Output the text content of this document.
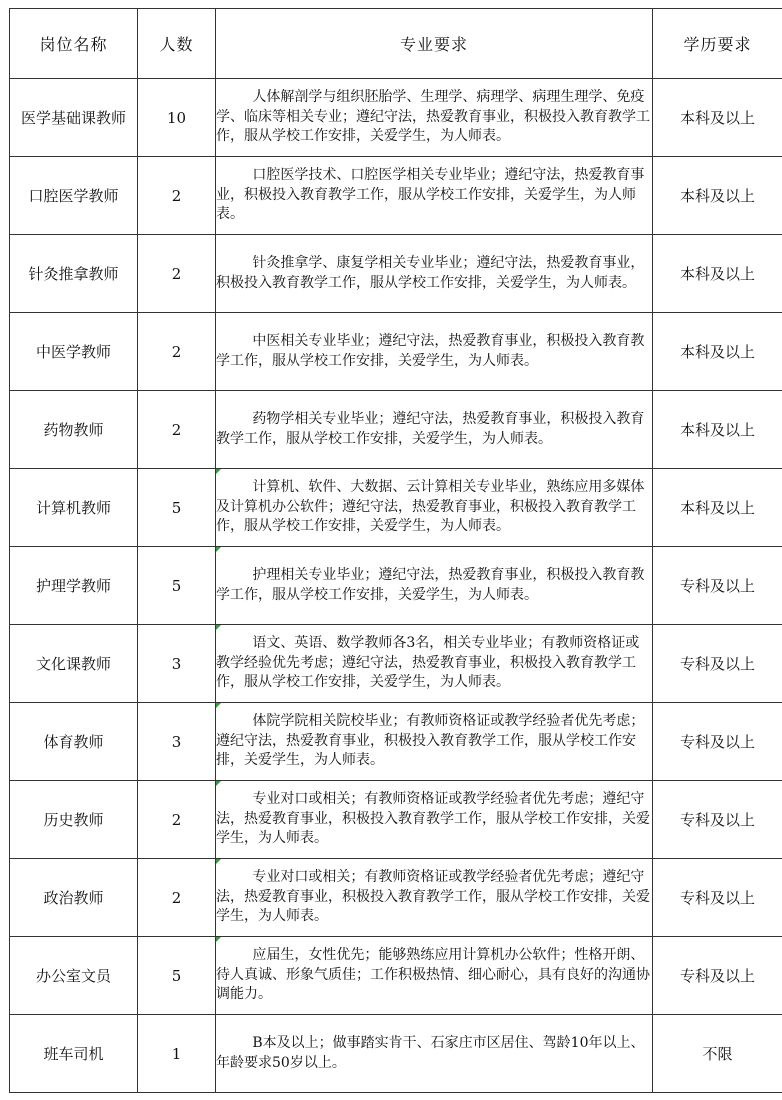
岗位名称	人数	专业要求	学历要求
医学基础课教师	10	人体解剖学与组织胚胎学、生理学、病理学、病理生理学、免疫学、临床等相关专业；遵纪守法，热爱教育事业，积极投入教育教学工作，服从学校工作安排，关爱学生，为人师表。	本科及以上
口腔医学教师	2	口腔医学技术、口腔医学相关专业毕业；遵纪守法，热爱教育事业，积极投入教育教学工作，服从学校工作安排，关爱学生，为人师表。	本科及以上
针灸推拿教师	2	针灸推拿学、康复学相关专业毕业；遵纪守法，热爱教育事业，积极投入教育教学工作，服从学校工作安排，关爱学生，为人师表。	本科及以上
中医学教师	2	中医相关专业毕业；遵纪守法，热爱教育事业，积极投入教育教学工作，服从学校工作安排，关爱学生，为人师表。	本科及以上
药物教师	2	药物学相关专业毕业；遵纪守法，热爱教育事业，积极投入教育教学工作，服从学校工作安排，关爱学生，为人师表。	本科及以上
计算机教师	5	计算机、软件、大数据、云计算相关专业毕业，熟练应用多媒体及计算机办公软件；遵纪守法，热爱教育事业，积极投入教育教学工作，服从学校工作安排，关爱学生，为人师表。	本科及以上
护理学教师	5	护理相关专业毕业；遵纪守法，热爱教育事业，积极投入教育教学工作，服从学校工作安排，关爱学生，为人师表。	专科及以上
文化课教师	3	语文、英语、数学教师各3名，相关专业毕业；有教师资格证或教学经验优先考虑；遵纪守法，热爱教育事业，积极投入教育教学工作，服从学校工作安排，关爱学生，为人师表。	专科及以上
体育教师	3	体院学院相关院校毕业；有教师资格证或教学经验者优先考虑；遵纪守法，热爱教育事业，积极投入教育教学工作，服从学校工作安排，关爱学生，为人师表。	专科及以上
历史教师	2	专业对口或相关；有教师资格证或教学经验者优先考虑；遵纪守法，热爱教育事业，积极投入教育教学工作，服从学校工作安排，关爱学生，为人师表。	专科及以上
政治教师	2	专业对口或相关；有教师资格证或教学经验者优先考虑；遵纪守法，热爱教育事业，积极投入教育教学工作，服从学校工作安排，关爱学生，为人师表。	专科及以上
办公室文员	5	应届生，女性优先；能够熟练应用计算机办公软件；性格开朗、待人真诚、形象气质佳；工作积极热情、细心耐心，具有良好的沟通协调能力。	专科及以上
班车司机	1	B本及以上；做事踏实肯干、石家庄市区居住、驾龄10年以上、年龄要求50岁以上。	不限
